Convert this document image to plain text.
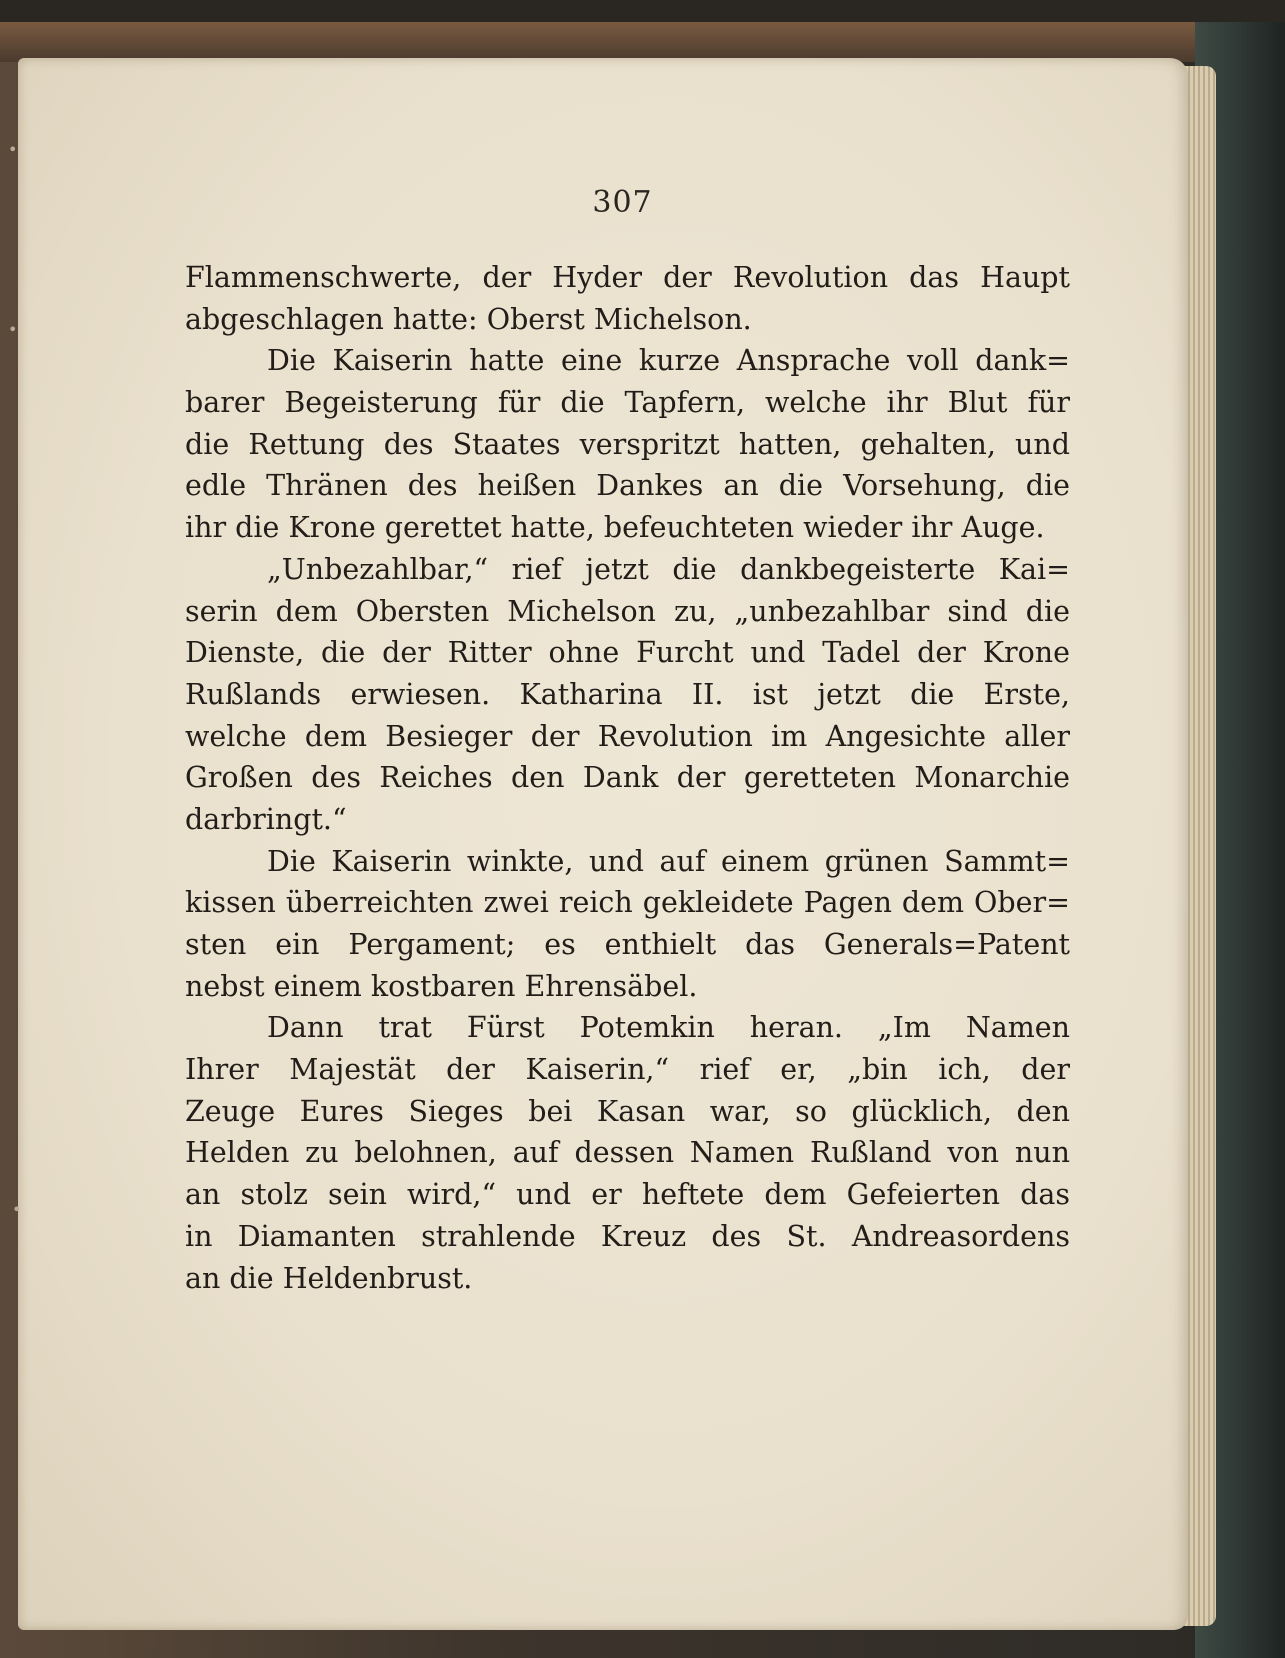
•
•
•
307
Flammenschwerte, der Hyder der Revolution das Haupt
abgeschlagen hatte: Oberst Michelson.
Die Kaiserin hatte eine kurze Ansprache voll dank=
barer Begeisterung für die Tapfern, welche ihr Blut für
die Rettung des Staates verspritzt hatten, gehalten, und
edle Thränen des heißen Dankes an die Vorsehung, die
ihr die Krone gerettet hatte, befeuchteten wieder ihr Auge.
„Unbezahlbar,“ rief jetzt die dankbegeisterte Kai=
serin dem Obersten Michelson zu, „unbezahlbar sind die
Dienste, die der Ritter ohne Furcht und Tadel der Krone
Rußlands erwiesen. Katharina II. ist jetzt die Erste,
welche dem Besieger der Revolution im Angesichte aller
Großen des Reiches den Dank der geretteten Monarchie
darbringt.“
Die Kaiserin winkte, und auf einem grünen Sammt=
kissen überreichten zwei reich gekleidete Pagen dem Ober=
sten ein Pergament; es enthielt das Generals=Patent
nebst einem kostbaren Ehrensäbel.
Dann trat Fürst Potemkin heran. „Im Namen
Ihrer Majestät der Kaiserin,“ rief er, „bin ich, der
Zeuge Eures Sieges bei Kasan war, so glücklich, den
Helden zu belohnen, auf dessen Namen Rußland von nun
an stolz sein wird,“ und er heftete dem Gefeierten das
in Diamanten strahlende Kreuz des St. Andreasordens
an die Heldenbrust.
